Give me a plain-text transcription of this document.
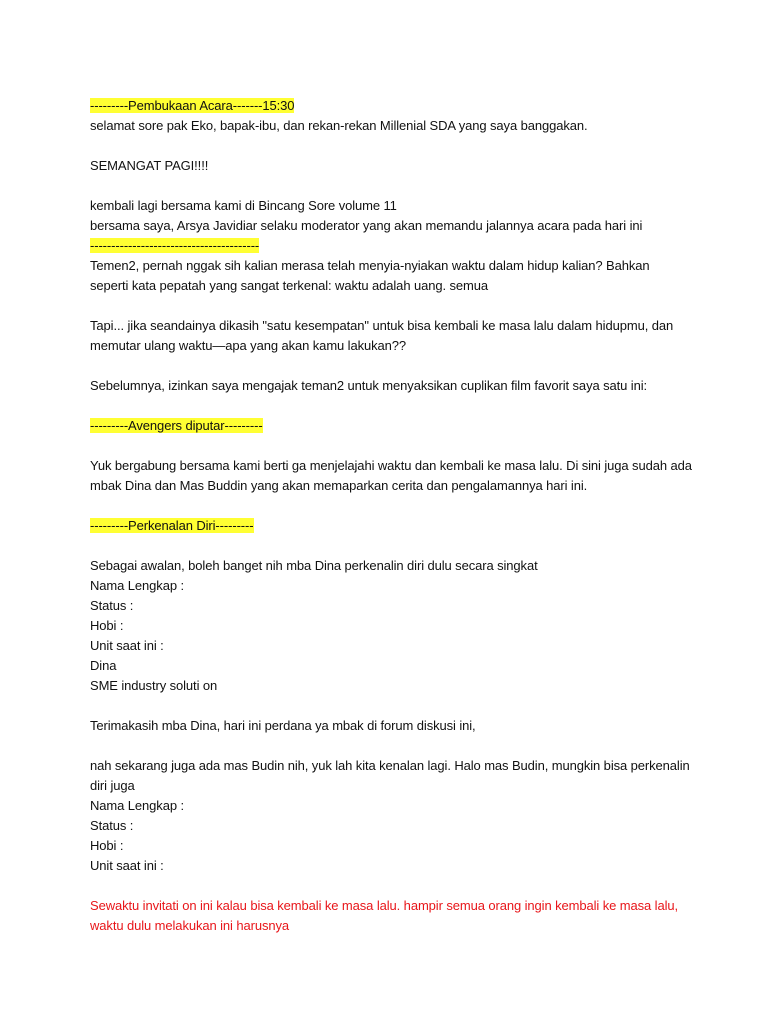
---------Pembukaan Acara-------15:30
selamat sore pak Eko, bapak-ibu, dan rekan-rekan Millenial SDA yang saya banggakan.
SEMANGAT PAGI!!!!
kembali lagi bersama kami di Bincang Sore volume 11
bersama saya, Arsya Javidiar selaku moderator yang akan memandu jalannya acara pada hari ini
----------------------------------------
Temen2, pernah nggak sih kalian merasa telah menyia-nyiakan waktu dalam hidup kalian? Bahkan
seperti kata pepatah yang sangat terkenal: waktu adalah uang. semua
Tapi... jika seandainya dikasih "satu kesempatan" untuk bisa kembali ke masa lalu dalam hidupmu, dan
memutar ulang waktu—apa yang akan kamu lakukan??
Sebelumnya, izinkan saya mengajak teman2 untuk menyaksikan cuplikan film favorit saya satu ini:
---------Avengers diputar---------
Yuk bergabung bersama kami berti ga menjelajahi waktu dan kembali ke masa lalu. Di sini juga sudah ada
mbak Dina dan Mas Buddin yang akan memaparkan cerita dan pengalamannya hari ini.
---------Perkenalan Diri---------
Sebagai awalan, boleh banget nih mba Dina perkenalin diri dulu secara singkat
Nama Lengkap :
Status :
Hobi :
Unit saat ini :
Dina
SME industry soluti on
Terimakasih mba Dina, hari ini perdana ya mbak di forum diskusi ini,
nah sekarang juga ada mas Budin nih, yuk lah kita kenalan lagi. Halo mas Budin, mungkin bisa perkenalin
diri juga
Nama Lengkap :
Status :
Hobi :
Unit saat ini :
Sewaktu invitati on ini kalau bisa kembali ke masa lalu. hampir semua orang ingin kembali ke masa lalu,
waktu dulu melakukan ini harusnya
